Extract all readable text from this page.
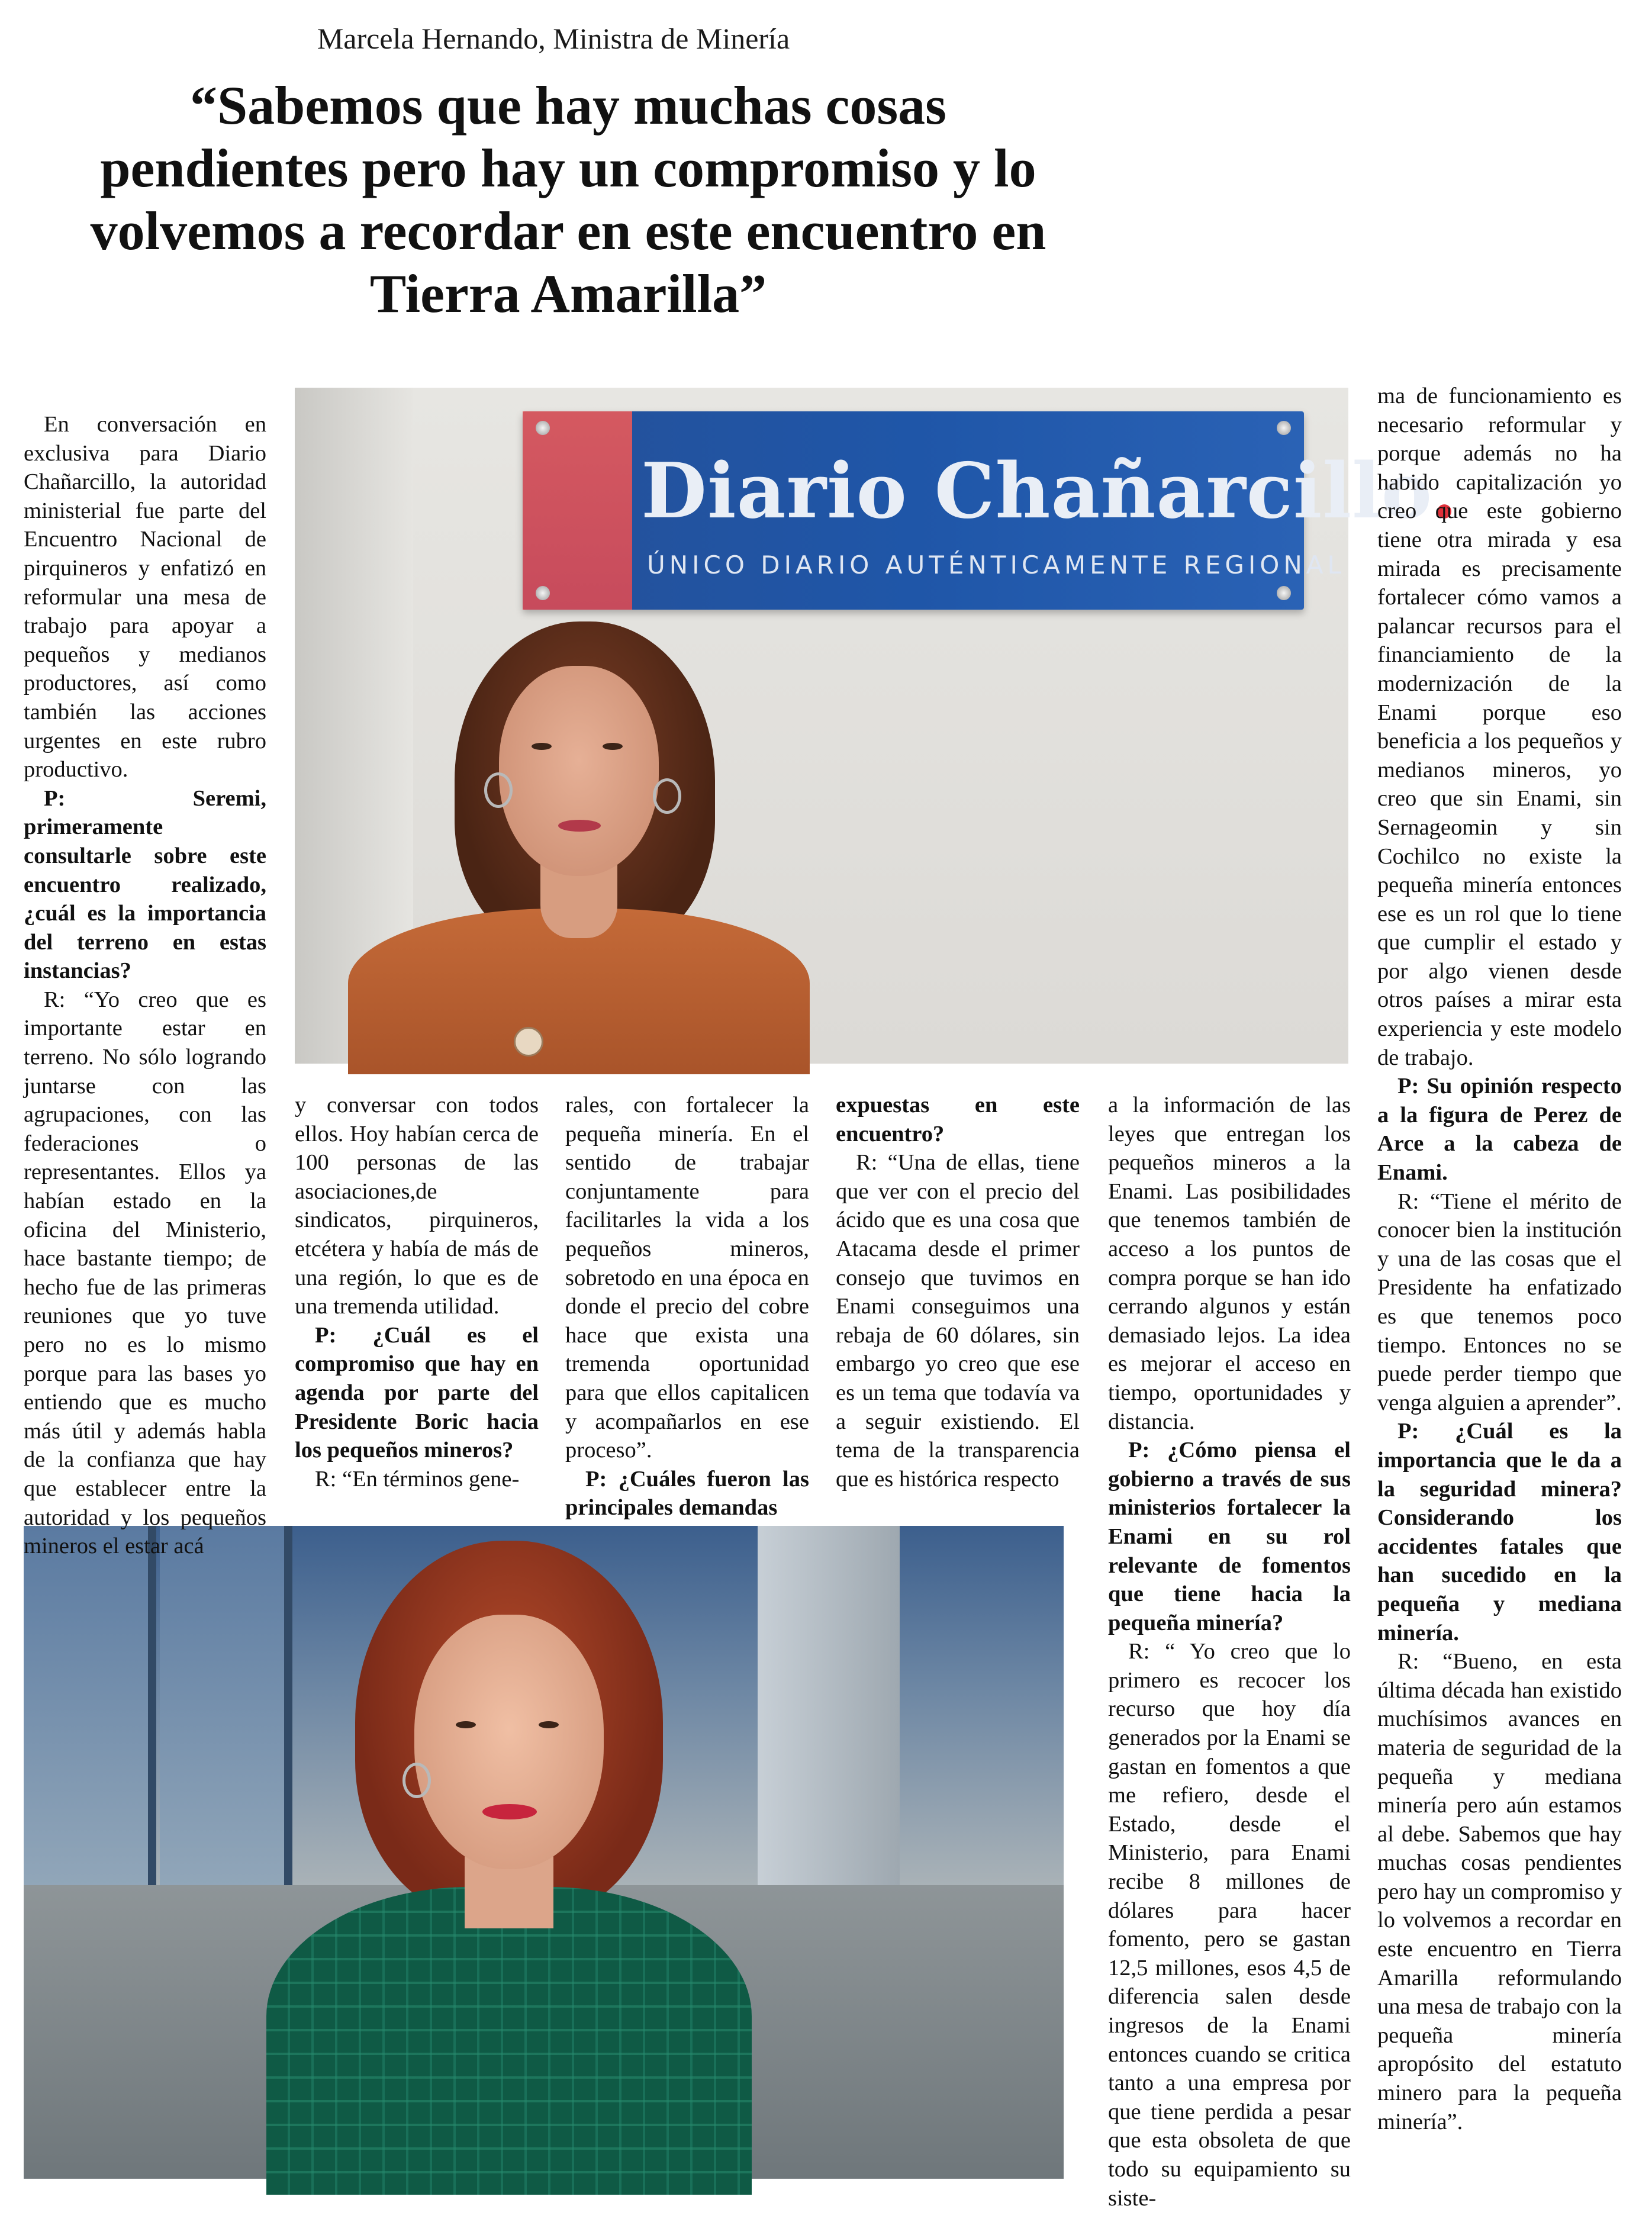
Marcela Hernando, Ministra de Minería
“Sabemos que hay muchas cosas pendientes pero hay un compromiso y lo volvemos a recordar en este encuentro en Tierra Amarilla”
Diario Chañarcillo.
ÚNICO DIARIO AUTÉNTICAMENTE REGIONAL

En conversación en exclusiva para Diario Chañarcillo, la autoridad ministerial fue parte del Encuentro Nacional de pirquineros y enfatizó en reformular una mesa de trabajo para apoyar a pequeños y medianos productores, así como también las acciones urgentes en este rubro productivo.

P: Seremi, primeramente consultarle sobre este encuentro realizado, ¿cuál es la importancia del terreno en estas instancias?

R: “Yo creo que es importante estar en terreno. No sólo logrando juntarse con las agrupaciones, con las federaciones o representantes. Ellos ya habían estado en la oficina del Ministerio, hace bastante tiempo; de hecho fue de las primeras reuniones que yo tuve pero no es lo mismo porque para las bases yo entiendo que es mucho más útil y además habla de la confianza que hay que establecer entre la autoridad y los pequeños mineros el estar acá

y conversar con todos ellos. Hoy habían cerca de 100 personas de las asociaciones,de sindicatos, pirquineros, etcétera y había de más de una región, lo que es de una tremenda utilidad.

P: ¿Cuál es el compromiso que hay en agenda por parte del Presidente Boric hacia los pequeños mineros?

R: “En términos gene-

rales, con fortalecer la pequeña minería. En el sentido de trabajar conjuntamente para facilitarles la vida a los pequeños mineros, sobretodo en una época en donde el precio del cobre hace que exista una tremenda oportunidad para que ellos capitalicen y acompañarlos en ese proceso”.

P: ¿Cuáles fueron las principales demandas

expuestas en este encuentro?

R: “Una de ellas, tiene que ver con el precio del ácido que es una cosa que Atacama desde el primer consejo que tuvimos en Enami conseguimos una rebaja de 60 dólares, sin embargo yo creo que ese es un tema que todavía va a seguir existiendo. El tema de la transparencia que es histórica respecto

a la información de las leyes que entregan los pequeños mineros a la Enami. Las posibilidades que tenemos también de acceso a los puntos de compra porque se han ido cerrando algunos y están demasiado lejos. La idea es mejorar el acceso en tiempo, oportunidades y distancia.

P: ¿Cómo piensa el gobierno a través de sus ministerios fortalecer la Enami en su rol relevante de fomentos que tiene hacia la pequeña minería?

R: “ Yo creo que lo primero es recocer los recurso que hoy día generados por la Enami se gastan en fomentos a que me refiero, desde el Estado, desde el Ministerio, para Enami recibe 8 millones de dólares para hacer fomento, pero se gastan 12,5 millones, esos 4,5 de diferencia salen desde ingresos de la Enami entonces cuando se critica tanto a una empresa por que tiene perdida a pesar que esta obsoleta de que todo su equipamiento su siste-

ma de funcionamiento es necesario reformular y porque además no ha habido capitalización yo creo que este gobierno tiene otra mirada y esa mirada es precisamente fortalecer cómo vamos a palancar recursos para el financiamiento de la modernización de la Enami porque eso beneficia a los pequeños y medianos mineros, yo creo que sin Enami, sin Sernageomin y sin Cochilco no existe la pequeña minería entonces ese es un rol que lo tiene que cumplir el estado y por algo vienen desde otros países a mirar esta experiencia y este modelo de trabajo.

P: Su opinión respecto a la figura de Perez de Arce a la cabeza de Enami.

R: “Tiene el mérito de conocer bien la institución y una de las cosas que el Presidente ha enfatizado es que tenemos poco tiempo. Entonces no se puede perder tiempo que venga alguien a aprender”.

P: ¿Cuál es la importancia que le da a la seguridad minera? Considerando los accidentes fatales que han sucedido en la pequeña y mediana minería.

R: “Bueno, en esta última década han existido muchísimos avances en materia de seguridad de la pequeña y mediana minería pero aún estamos al debe. Sabemos que hay muchas cosas pendientes pero hay un compromiso y lo volvemos a recordar en este encuentro en Tierra Amarilla reformulando una mesa de trabajo con la pequeña minería apropósito del estatuto minero para la pequeña minería”.
